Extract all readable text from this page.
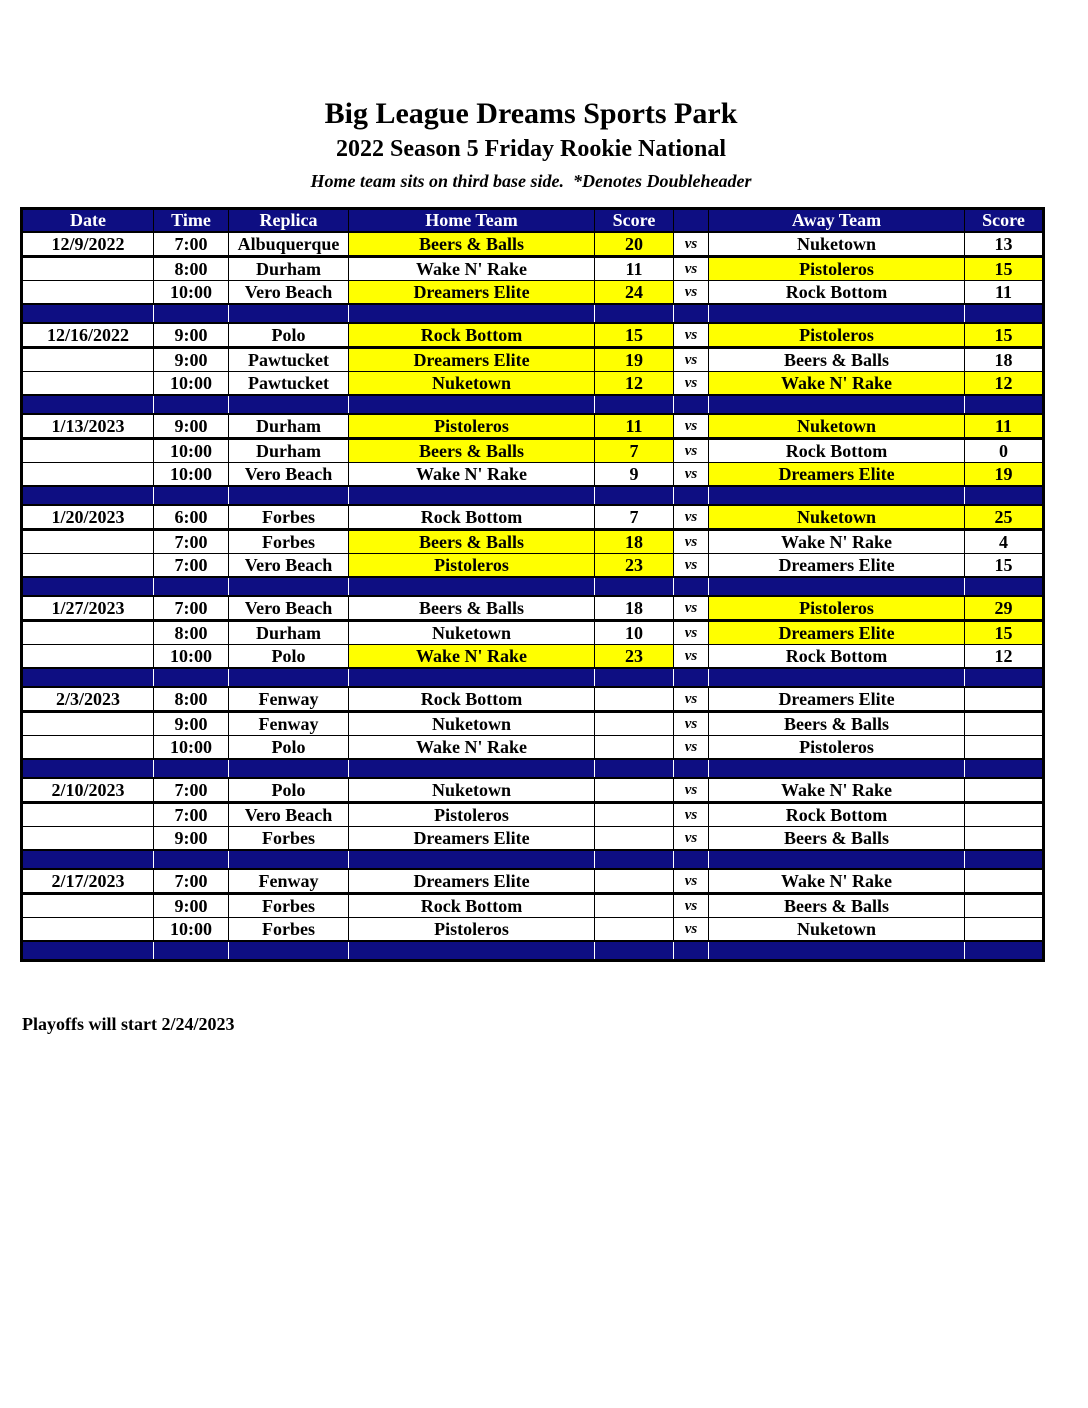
Big League Dreams Sports Park
2022 Season 5 Friday Rookie National
Home team sits on third base side.  *Denotes Doubleheader
Date	Time	Replica	Home Team	Score		Away Team	Score
12/9/2022	7:00	Albuquerque	Beers & Balls	20	vs	Nuketown	13
	8:00	Durham	Wake N' Rake	11	vs	Pistoleros	15
	10:00	Vero Beach	Dreamers Elite	24	vs	Rock Bottom	11

12/16/2022	9:00	Polo	Rock Bottom	15	vs	Pistoleros	15
	9:00	Pawtucket	Dreamers Elite	19	vs	Beers & Balls	18
	10:00	Pawtucket	Nuketown	12	vs	Wake N' Rake	12

1/13/2023	9:00	Durham	Pistoleros	11	vs	Nuketown	11
	10:00	Durham	Beers & Balls	7	vs	Rock Bottom	0
	10:00	Vero Beach	Wake N' Rake	9	vs	Dreamers Elite	19

1/20/2023	6:00	Forbes	Rock Bottom	7	vs	Nuketown	25
	7:00	Forbes	Beers & Balls	18	vs	Wake N' Rake	4
	7:00	Vero Beach	Pistoleros	23	vs	Dreamers Elite	15

1/27/2023	7:00	Vero Beach	Beers & Balls	18	vs	Pistoleros	29
	8:00	Durham	Nuketown	10	vs	Dreamers Elite	15
	10:00	Polo	Wake N' Rake	23	vs	Rock Bottom	12

2/3/2023	8:00	Fenway	Rock Bottom		vs	Dreamers Elite	
	9:00	Fenway	Nuketown		vs	Beers & Balls	
	10:00	Polo	Wake N' Rake		vs	Pistoleros	

2/10/2023	7:00	Polo	Nuketown		vs	Wake N' Rake	
	7:00	Vero Beach	Pistoleros		vs	Rock Bottom	
	9:00	Forbes	Dreamers Elite		vs	Beers & Balls	

2/17/2023	7:00	Fenway	Dreamers Elite		vs	Wake N' Rake	
	9:00	Forbes	Rock Bottom		vs	Beers & Balls	
	10:00	Forbes	Pistoleros		vs	Nuketown	

Playoffs will start 2/24/2023
